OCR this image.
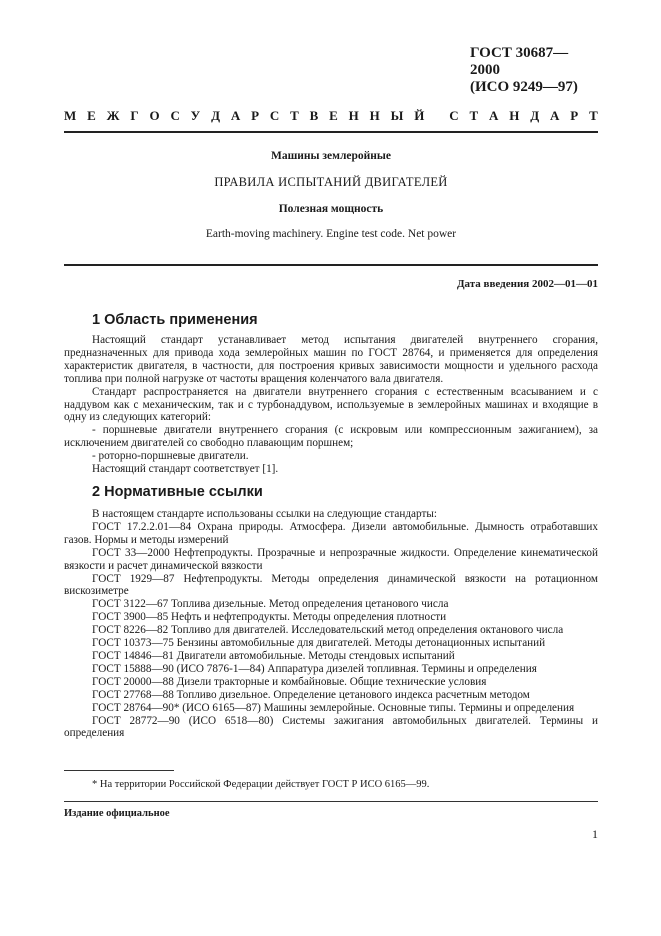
ГОСТ 30687—2000
(ИСО 9249—97)
М Е Ж Г О С У Д А Р С Т В Е Н Н Ы Й
С Т А Н Д А Р Т
Машины землеройные
ПРАВИЛА ИСПЫТАНИЙ ДВИГАТЕЛЕЙ
Полезная мощность
Earth-moving machinery. Engine test code. Net power
Дата введения 2002—01—01
1 Область применения

Настоящий стандарт устанавливает метод испытания двигателей внутреннего сгорания, предназначенных для привода хода землеройных машин по ГОСТ 28764, и применяется для определения характеристик двигателя, в частности, для построения кривых зависимости мощности и удельного расхода топлива при полной нагрузке от частоты вращения коленчатого вала двигателя.

Стандарт распространяется на двигатели внутреннего сгорания с естественным всасыванием и с наддувом как с механическим, так и с турбонаддувом, используемые в землеройных машинах и входящие в одну из следующих категорий:

- поршневые двигатели внутреннего сгорания (с искровым или компрессионным зажиганием), за исключением двигателей со свободно плавающим поршнем;

- роторно-поршневые двигатели.

Настоящий стандарт соответствует [1].

2 Нормативные ссылки

В настоящем стандарте использованы ссылки на следующие стандарты:

ГОСТ 17.2.2.01—84 Охрана природы. Атмосфера. Дизели автомобильные. Дымность отработавших газов. Нормы и методы измерений

ГОСТ 33—2000 Нефтепродукты. Прозрачные и непрозрачные жидкости. Определение кинематической вязкости и расчет динамической вязкости

ГОСТ 1929—87 Нефтепродукты. Методы определения динамической вязкости на ротационном вискозиметре

ГОСТ 3122—67 Топлива дизельные. Метод определения цетанового числа

ГОСТ 3900—85 Нефть и нефтепродукты. Методы определения плотности

ГОСТ 8226—82 Топливо для двигателей. Исследовательский метод определения октанового числа

ГОСТ 10373—75 Бензины автомобильные для двигателей. Методы детонационных испытаний

ГОСТ 14846—81 Двигатели автомобильные. Методы стендовых испытаний

ГОСТ 15888—90 (ИСО 7876-1—84) Аппаратура дизелей топливная. Термины и определения

ГОСТ 20000—88 Дизели тракторные и комбайновые. Общие технические условия

ГОСТ 27768—88 Топливо дизельное. Определение цетанового индекса расчетным методом

ГОСТ 28764—90* (ИСО 6165—87) Машины землеройные. Основные типы. Термины и определения

ГОСТ 28772—90 (ИСО 6518—80) Системы зажигания автомобильных двигателей. Термины и определения

* На территории Российской Федерации действует ГОСТ Р ИСО 6165—99.
Издание официальное
1
